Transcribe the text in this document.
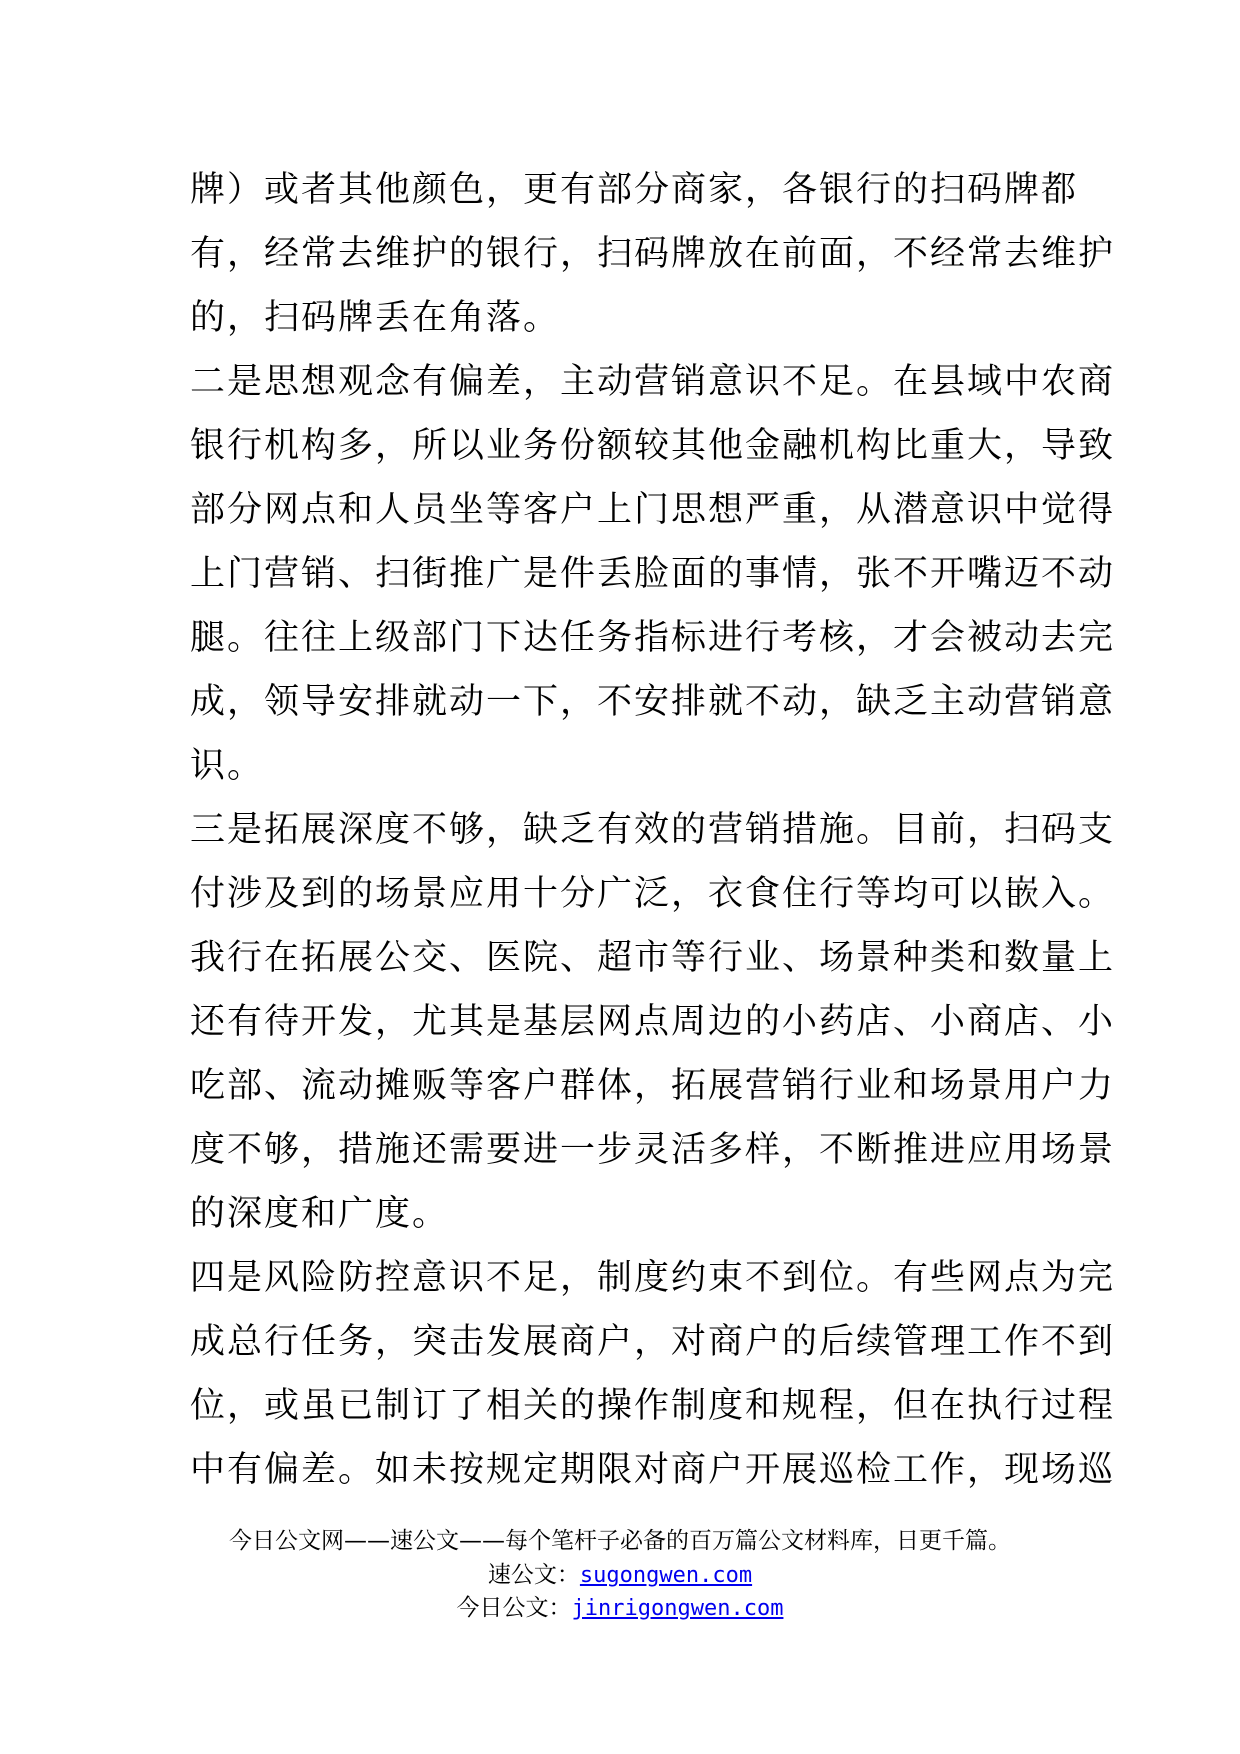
牌）或者其他颜色，更有部分商家，各银行的扫码牌都
有，经常去维护的银行，扫码牌放在前面，不经常去维护
的，扫码牌丢在角落。
二是思想观念有偏差，主动营销意识不足。在县域中农商
银行机构多，所以业务份额较其他金融机构比重大，导致
部分网点和人员坐等客户上门思想严重，从潜意识中觉得
上门营销、扫街推广是件丢脸面的事情，张不开嘴迈不动
腿。往往上级部门下达任务指标进行考核，才会被动去完
成，领导安排就动一下，不安排就不动，缺乏主动营销意
识。
三是拓展深度不够，缺乏有效的营销措施。目前，扫码支
付涉及到的场景应用十分广泛，衣食住行等均可以嵌入。
我行在拓展公交、医院、超市等行业、场景种类和数量上
还有待开发，尤其是基层网点周边的小药店、小商店、小
吃部、流动摊贩等客户群体，拓展营销行业和场景用户力
度不够，措施还需要进一步灵活多样，不断推进应用场景
的深度和广度。
四是风险防控意识不足，制度约束不到位。有些网点为完
成总行任务，突击发展商户，对商户的后续管理工作不到
位，或虽已制订了相关的操作制度和规程，但在执行过程
中有偏差。如未按规定期限对商户开展巡检工作，现场巡
今日公文网——速公文——每个笔杆子必备的百万篇公文材料库，日更千篇。
速公文：sugongwen.com
今日公文：jinrigongwen.com
